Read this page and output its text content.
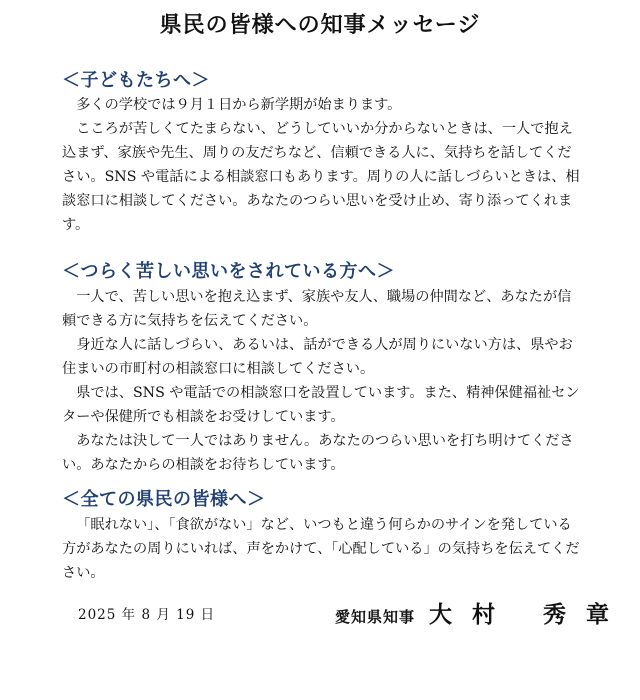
県民の皆様への知事メッセージ
＜子どもたちへ＞

多くの学校では９月１日から新学期が始まります。

こころが苦しくてたまらない、どうしていいか分からないときは、一人で抱え込まず、家族や先生、周りの友だちなど、信頼できる人に、気持ちを話してください。SNS や電話による相談窓口もあります。周りの人に話しづらいときは、相談窓口に相談してください。あなたのつらい思いを受け止め、寄り添ってくれます。

＜つらく苦しい思いをされている方へ＞

一人で、苦しい思いを抱え込まず、家族や友人、職場の仲間など、あなたが信頼できる方に気持ちを伝えてください。

身近な人に話しづらい、あるいは、話ができる人が周りにいない方は、県やお住まいの市町村の相談窓口に相談してください。

県では、SNS や電話での相談窓口を設置しています。また、精神保健福祉センターや保健所でも相談をお受けしています。

あなたは決して一人ではありません。あなたのつらい思いを打ち明けてください。あなたからの相談をお待ちしています。

＜全ての県民の皆様へ＞

「眠れない」、「食欲がない」など、いつもと違う何らかのサインを発している方があなたの周りにいれば、声をかけて、「心配している」の気持ちを伝えてください。

2025 年 8 月 19 日	愛知県知事 大村 秀章
